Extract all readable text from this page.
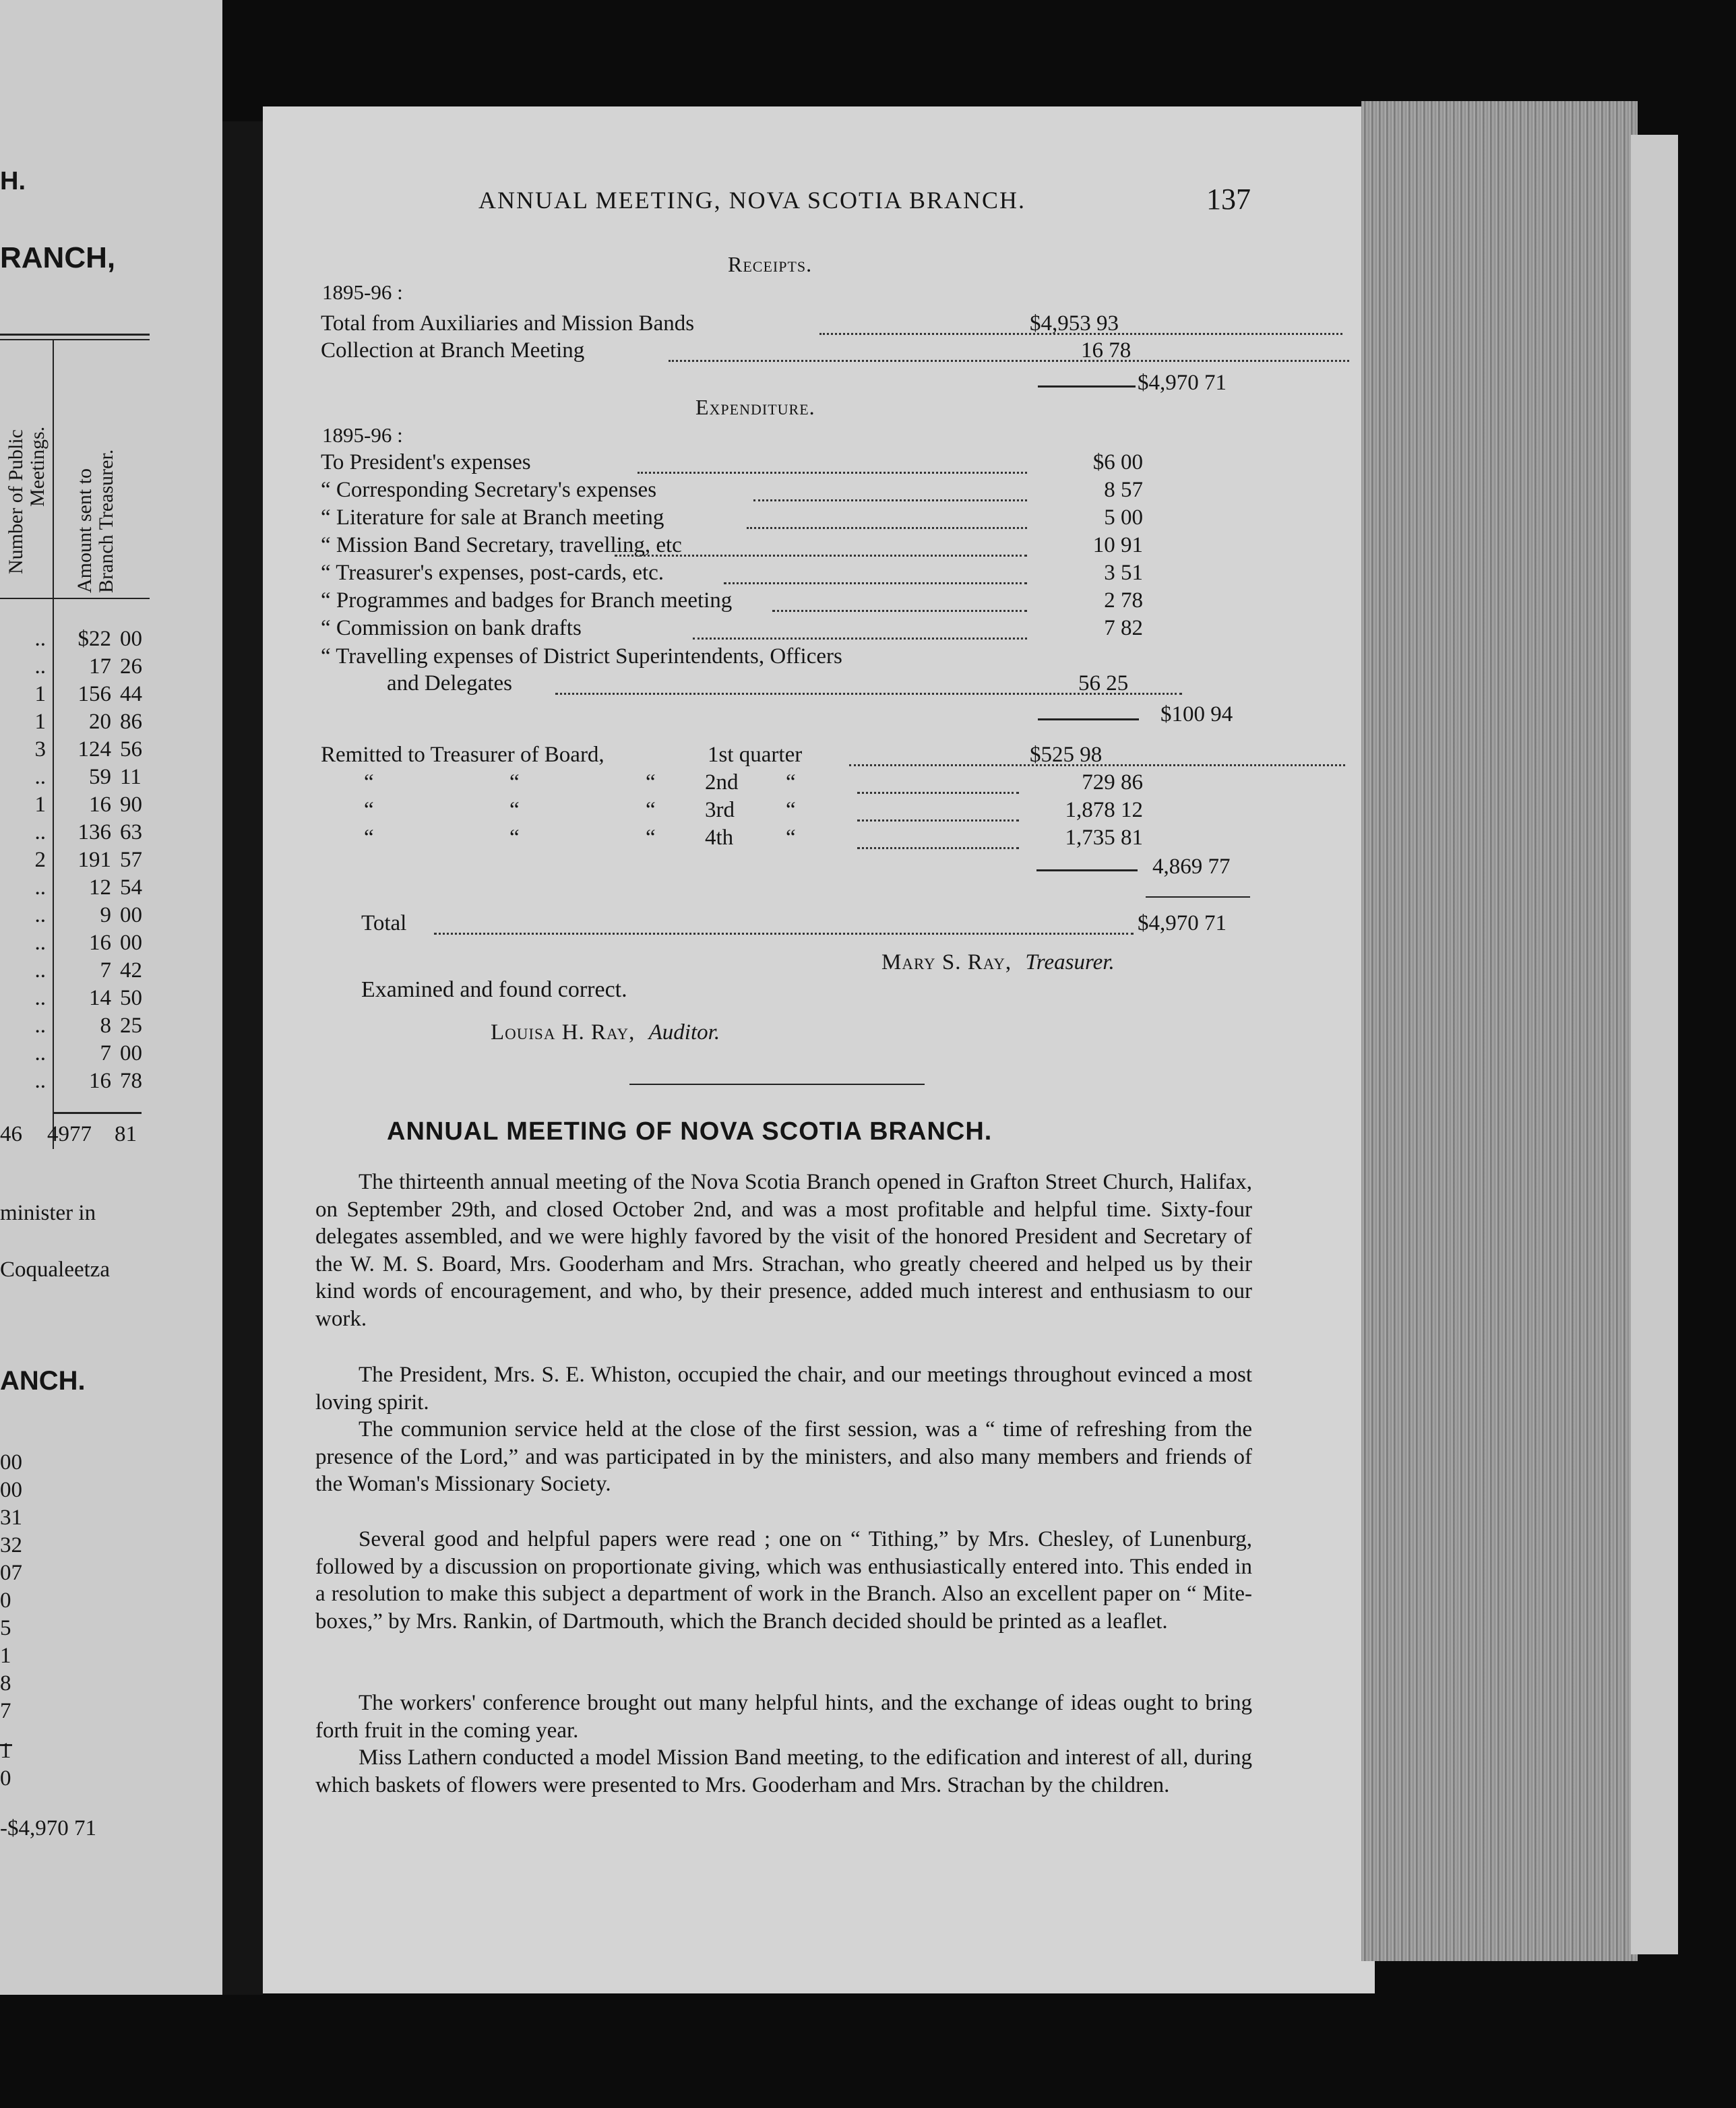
H.
RANCH,
Number of Public Meetings.
Amount sent to Branch Treasurer.
46 4977 81
minister in
Coqualeetza
ANCH.
-$4,970 71
.. $22 00
.. 17 26
1 156 44
1 20 86
3 124 56
.. 59 11
1 16 90
.. 136 63
2 191 57
.. 12 54
.. 9 00
.. 16 00
.. 7 42
.. 14 50
.. 8 25
.. 7 00
.. 16 78
00
00
31
32
07
0
5
1
8
7
1
0
ANNUAL MEETING, NOVA SCOTIA BRANCH.	137
Receipts.
1895-96 :
Total from Auxiliaries and Mission Bands	$4,953 93
Collection at Branch Meeting	16 78
$4,970 71
Expenditure.
1895-96 :
“ Travelling expenses of District Superintendents, Officers
and Delegates	56 25
$100 94
Remitted to Treasurer of Board,	1st quarter	$525 98
4,869 77
Total	$4,970 71
Mary S. Ray, Treasurer.
Examined and found correct.
Louisa H. Ray, Auditor.
ANNUAL MEETING OF NOVA SCOTIA BRANCH.

The thirteenth annual meeting of the Nova Scotia Branch opened in Grafton Street Church, Halifax, on September 29th, and closed October 2nd, and was a most profitable and helpful time. Sixty-four delegates assembled, and we were highly favored by the visit of the honored President and Secretary of the W. M. S. Board, Mrs. Gooderham and Mrs. Strachan, who greatly cheered and helped us by their kind words of encouragement, and who, by their presence, added much interest and enthusiasm to our work.

The President, Mrs. S. E. Whiston, occupied the chair, and our meetings throughout evinced a most loving spirit.

The communion service held at the close of the first session, was a “ time of refreshing from the presence of the Lord,” and was participated in by the ministers, and also many members and friends of the Woman's Missionary Society.

Several good and helpful papers were read ; one on “ Tithing,” by Mrs. Chesley, of Lunenburg, followed by a discussion on proportionate giving, which was enthusiastically entered into. This ended in a resolution to make this subject a department of work in the Branch. Also an excellent paper on “ Mite-boxes,” by Mrs. Rankin, of Dartmouth, which the Branch decided should be printed as a leaflet.

The workers' conference brought out many helpful hints, and the exchange of ideas ought to bring forth fruit in the coming year.

Miss Lathern conducted a model Mission Band meeting, to the edification and interest of all, during which baskets of flowers were presented to Mrs. Gooderham and Mrs. Strachan by the children.

To President's expenses	$6 00
“ Corresponding Secretary's expenses	8 57
“ Literature for sale at Branch meeting	5 00
“ Mission Band Secretary, travelling, etc	10 91
“ Treasurer's expenses, post-cards, etc.	3 51
“ Programmes and badges for Branch meeting	2 78
“ Commission on bank drafts	7 82
“	“	“ 2nd “	729 86
“	“	“ 3rd “	1,878 12
“	“	“ 4th “	1,735 81
